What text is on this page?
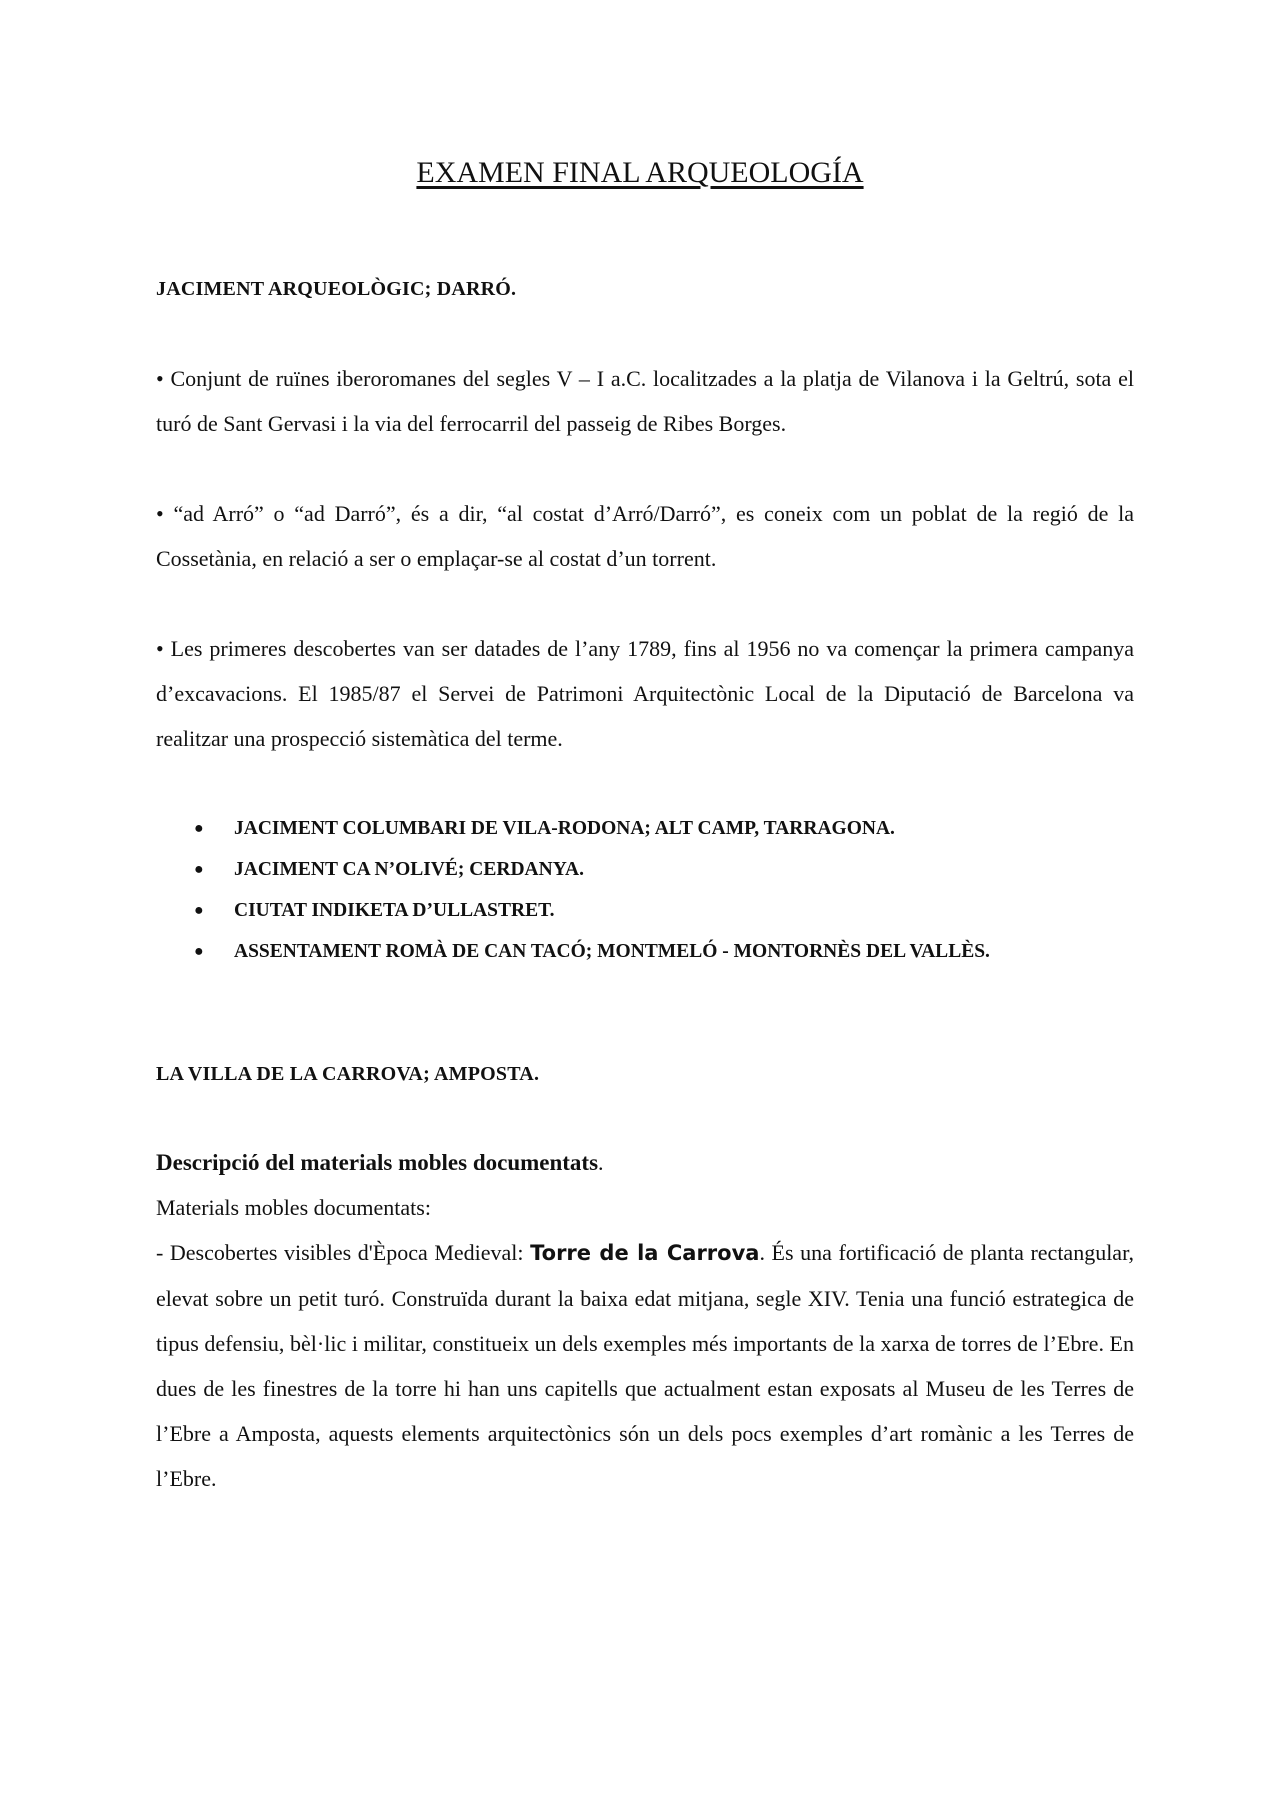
EXAMEN FINAL ARQUEOLOGÍA

JACIMENT ARQUEOLÒGIC; DARRÓ.

• Conjunt de ruïnes iberoromanes del segles V – I a.C. localitzades a la platja de Vilanova i la Geltrú, sota el turó de Sant Gervasi i la via del ferrocarril del passeig de Ribes Borges.

• “ad Arró” o “ad Darró”, és a dir, “al costat d’Arró/Darró”, es coneix com un poblat de la regió de la Cossetània, en relació a ser o emplaçar-se al costat d’un torrent.

• Les primeres descobertes van ser datades de l’any 1789, fins al 1956 no va començar la primera campanya d’excavacions. El 1985/87 el Servei de Patrimoni Arquitectònic Local de la Diputació de Barcelona va realitzar una prospecció sistemàtica del terme.

● JACIMENT COLUMBARI DE VILA-RODONA; ALT CAMP, TARRAGONA.
● JACIMENT CA N’OLIVÉ; CERDANYA.
● CIUTAT INDIKETA D’ULLASTRET.
● ASSENTAMENT ROMÀ DE CAN TACÓ; MONTMELÓ - MONTORNÈS DEL VALLÈS.

LA VILLA DE LA CARROVA; AMPOSTA.

Descripció del materials mobles documentats.

Materials mobles documentats:

- Descobertes visibles d'Època Medieval: Torre de la Carrova. És una fortificació de planta rectangular, elevat sobre un petit turó. Construïda durant la baixa edat mitjana, segle XIV. Tenia una funció estrategica de tipus defensiu, bèl·lic i militar, constitueix un dels exemples més importants de la xarxa de torres de l’Ebre. En dues de les finestres de la torre hi han uns capitells que actualment estan exposats al Museu de les Terres de l’Ebre a Amposta, aquests elements arquitectònics són un dels pocs exemples d’art romànic a les Terres de l’Ebre.
